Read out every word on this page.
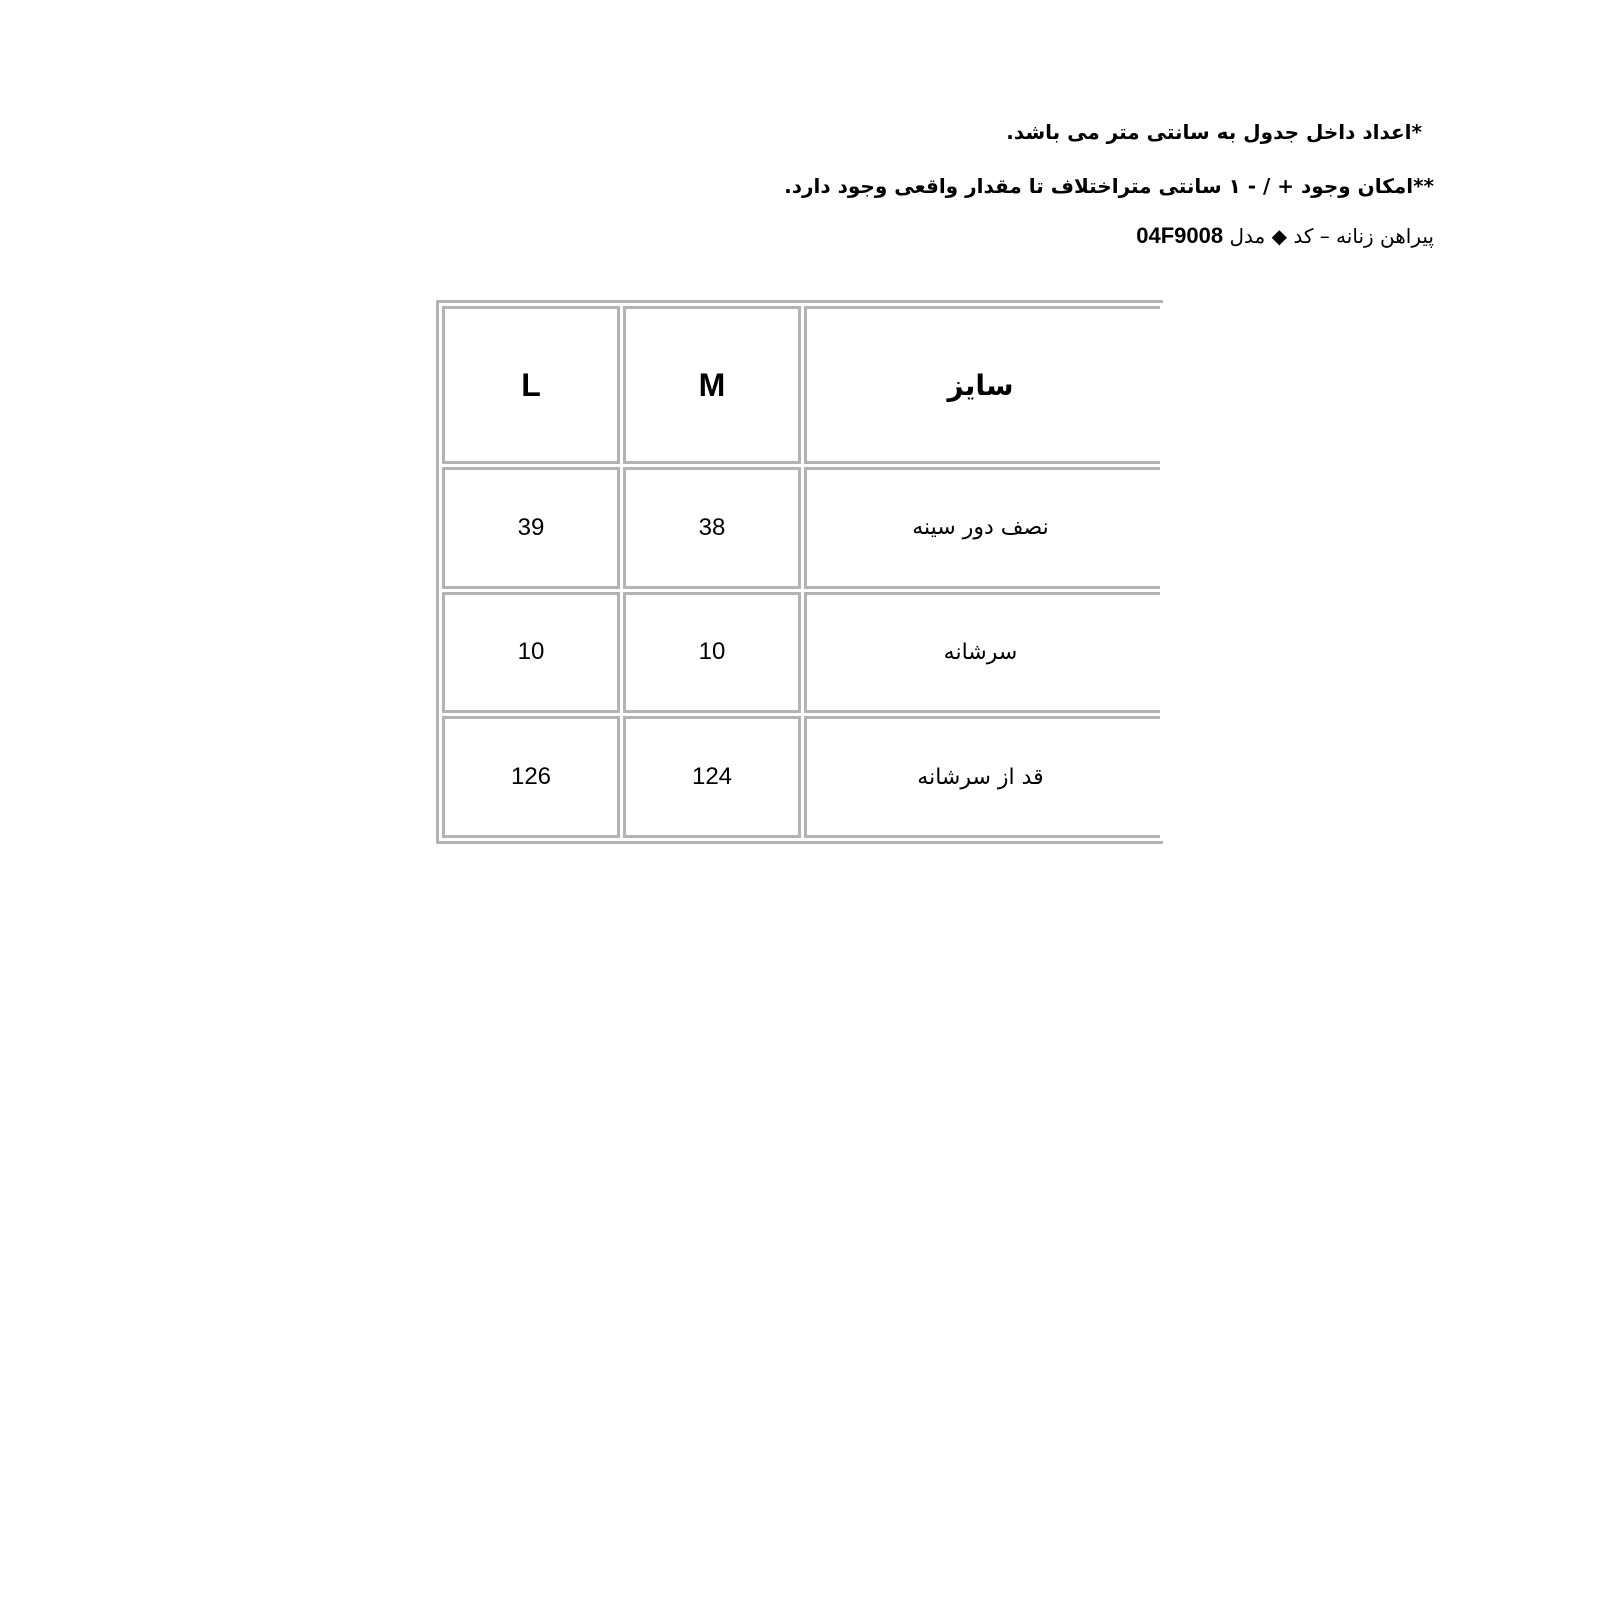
*اعداد داخل جدول به سانتی متر می باشد.
**امکان وجود + / - ۱ سانتی متراختلاف تا مقدار واقعی وجود دارد.
پیراهن زنانه – کد ◆ مدل 04F9008
L	M	سایز
39	38	نصف دور سینه
10	10	سرشانه
126	124	قد از سرشانه
